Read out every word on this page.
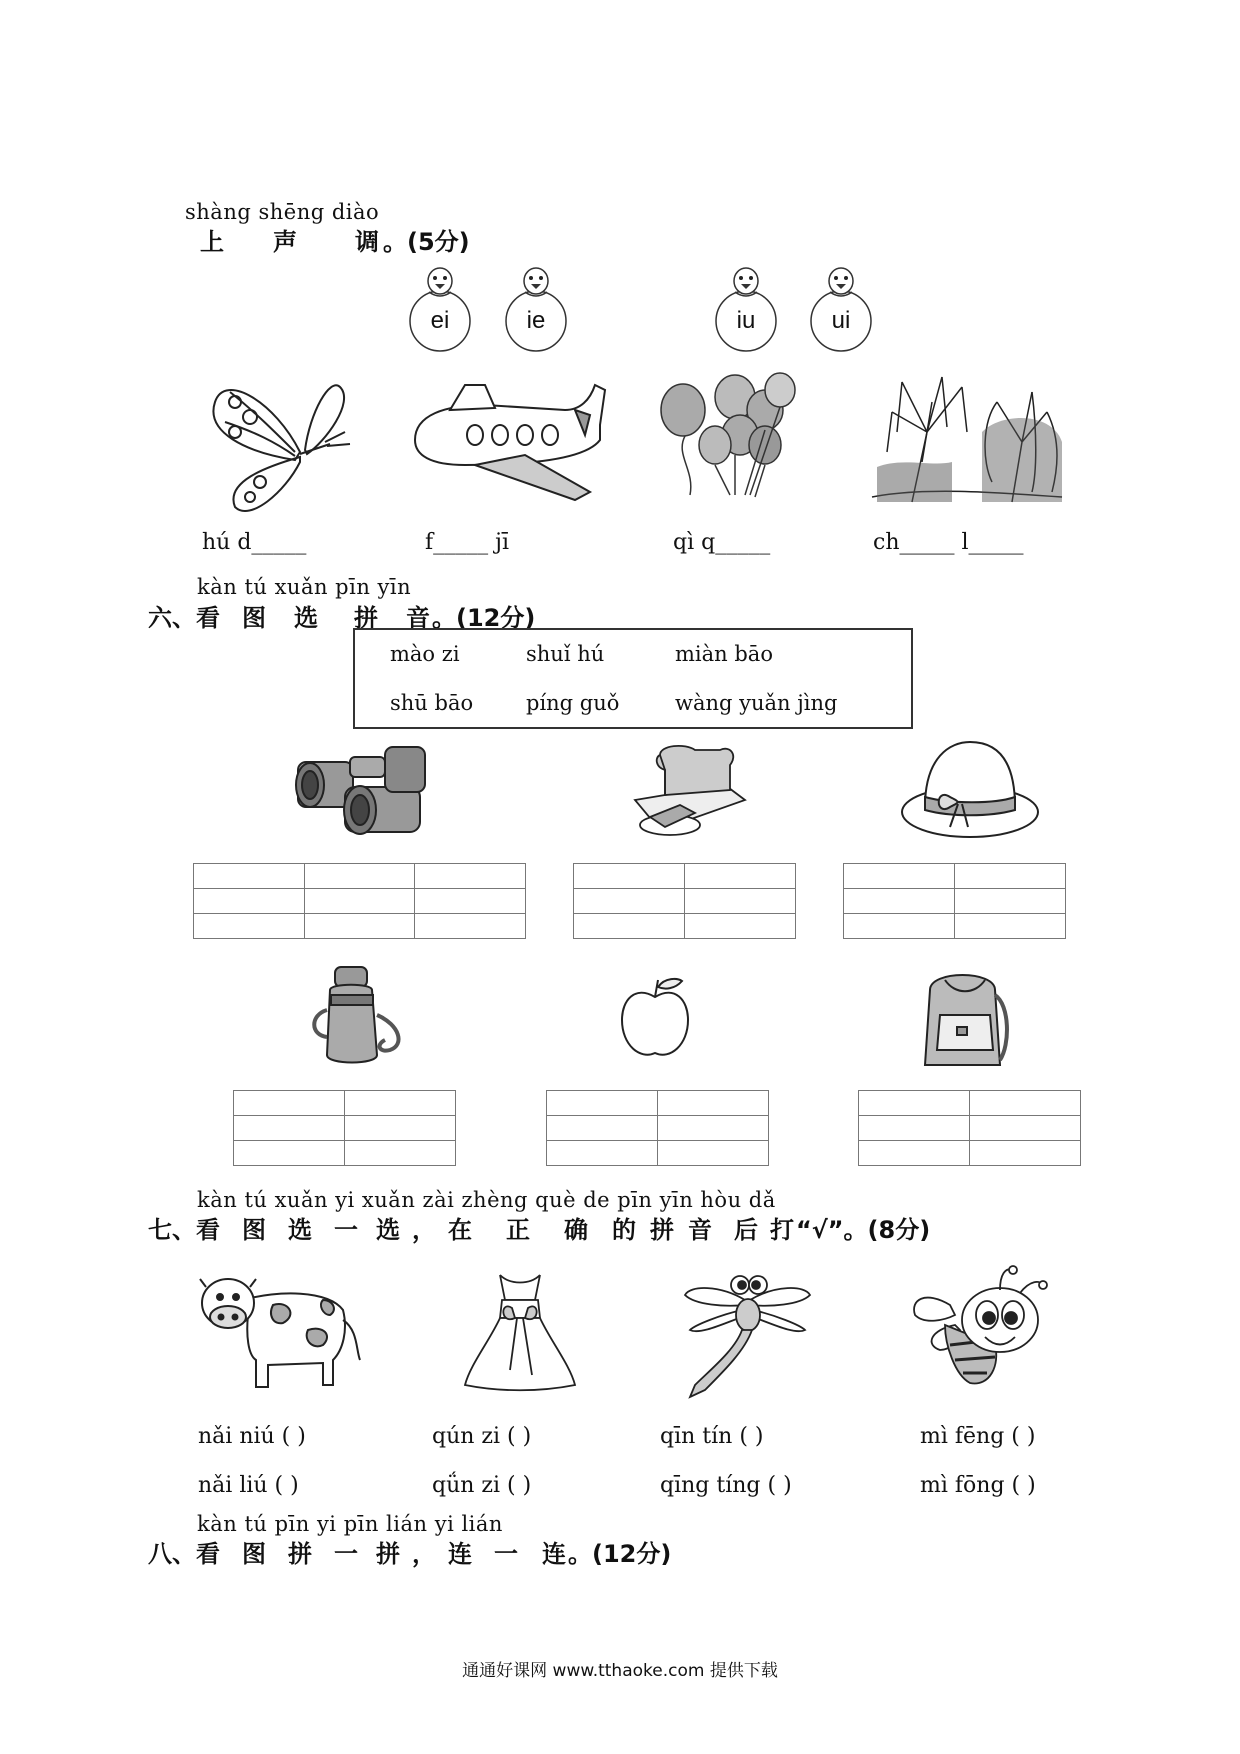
shàng shēng diào
上 声 调 。(5分)
ei	ie	iu	ui
hú d_____	f_____ jī	qì q_____	ch_____ l_____
kàn tú xuǎn pīn yīn
六、看 图 选 拼 音。(12分)
mào zi	shuǐ hú	miàn bāo
shū bāo	píng guǒ	wàng yuǎn jìng

kàn tú xuǎn yi xuǎn zài zhèng què de pīn yīn hòu dǎ
七、看 图 选 一 选 ， 在 正 确 的 拼 音 后 打“√”。(8分)
nǎi niú ( )
nǎi liú ( )
qún zi ( )
qǘn zi ( )
qīn tín ( )
qīng tíng ( )
mì fēng ( )
mì fōng ( )
kàn tú pīn yi pīn lián yi lián
八、看 图 拼 一 拼 ， 连 一 连。(12分)
通通好课网 www.tthaoke.com 提供下载
